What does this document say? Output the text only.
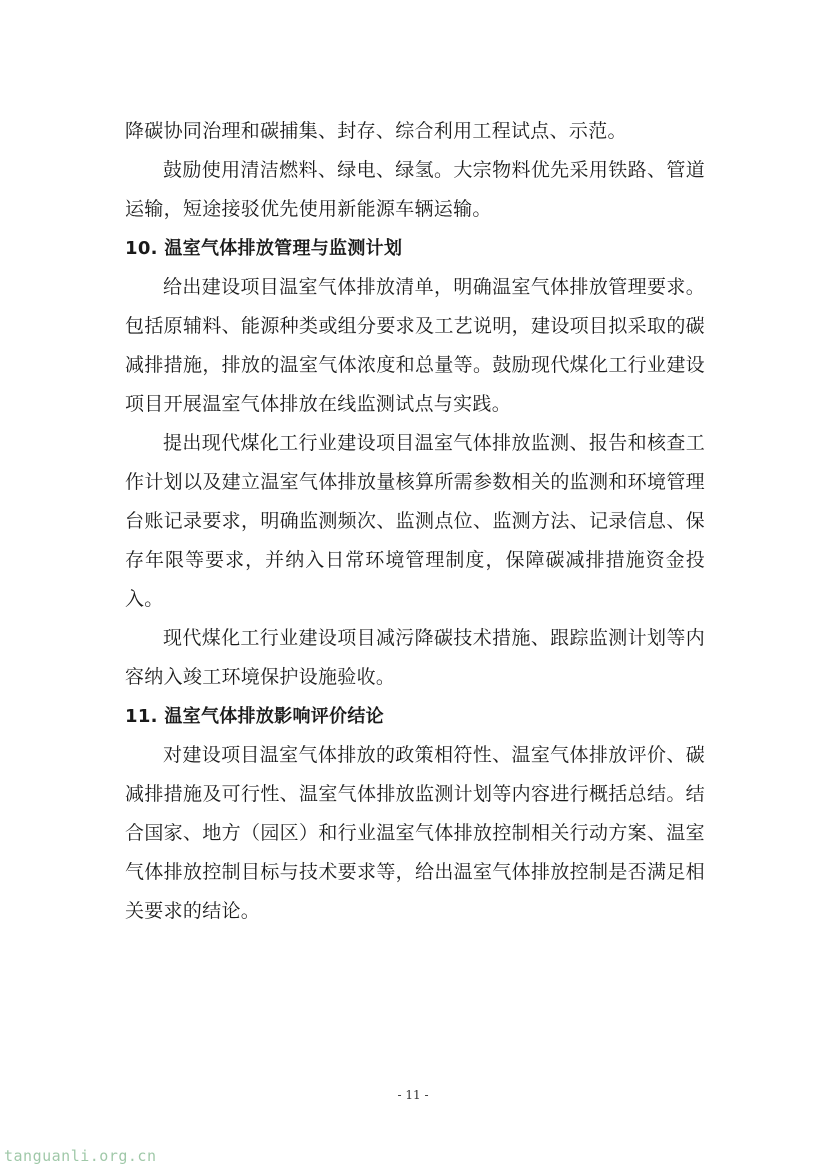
降碳协同治理和碳捕集、封存、综合利用工程试点、示范。

鼓励使用清洁燃料、绿电、绿氢。大宗物料优先采用铁路、管道运输，短途接驳优先使用新能源车辆运输。

10. 温室气体排放管理与监测计划

给出建设项目温室气体排放清单，明确温室气体排放管理要求。包括原辅料、能源种类或组分要求及工艺说明，建设项目拟采取的碳减排措施，排放的温室气体浓度和总量等。鼓励现代煤化工行业建设项目开展温室气体排放在线监测试点与实践。

提出现代煤化工行业建设项目温室气体排放监测、报告和核查工作计划以及建立温室气体排放量核算所需参数相关的监测和环境管理台账记录要求，明确监测频次、监测点位、监测方法、记录信息、保存年限等要求，并纳入日常环境管理制度，保障碳减排措施资金投入。

现代煤化工行业建设项目减污降碳技术措施、跟踪监测计划等内容纳入竣工环境保护设施验收。

11. 温室气体排放影响评价结论

对建设项目温室气体排放的政策相符性、温室气体排放评价、碳减排措施及可行性、温室气体排放监测计划等内容进行概括总结。结合国家、地方（园区）和行业温室气体排放控制相关行动方案、温室气体排放控制目标与技术要求等，给出温室气体排放控制是否满足相关要求的结论。

- 11 -
tanguanli.org.cn
